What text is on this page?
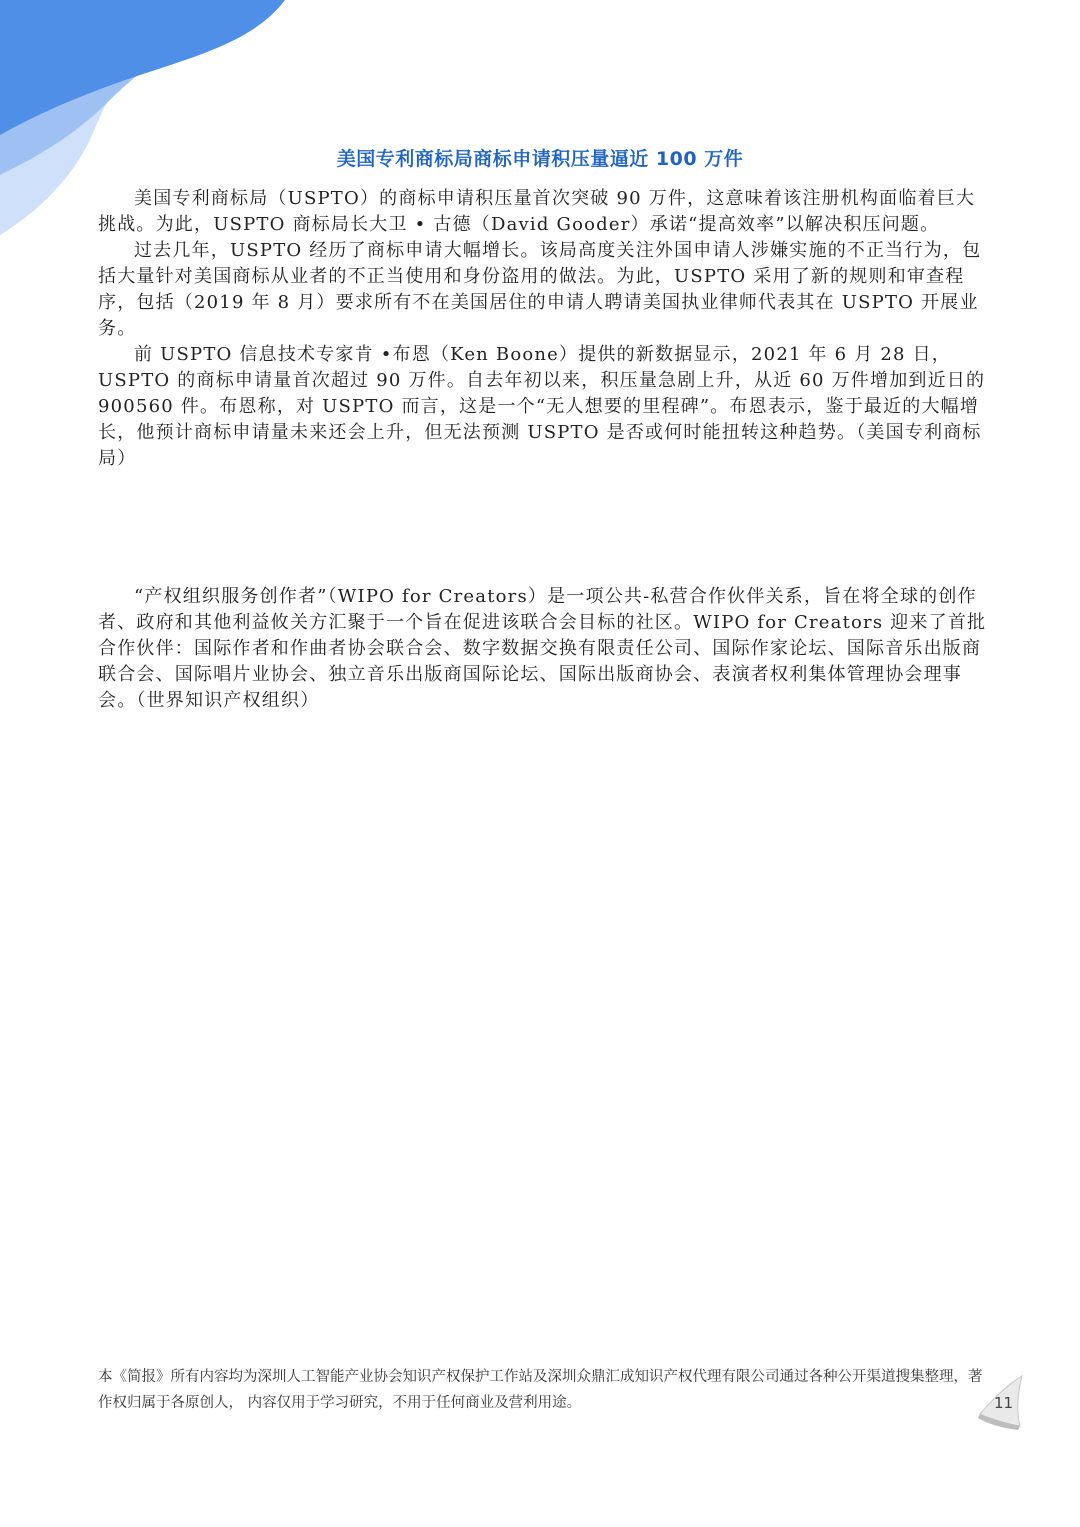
美国专利商标局商标申请积压量逼近 100 万件

美国专利商标局（USPTO）的商标申请积压量首次突破 90 万件，这意味着该注册机构面临着巨大挑战。为此，USPTO 商标局长大卫 • 古德（David Gooder）承诺“提高效率”以解决积压问题。

过去几年，USPTO 经历了商标申请大幅增长。该局高度关注外国申请人涉嫌实施的不正当行为，包括大量针对美国商标从业者的不正当使用和身份盗用的做法。为此，USPTO 采用了新的规则和审查程序，包括（2019 年 8 月）要求所有不在美国居住的申请人聘请美国执业律师代表其在 USPTO 开展业务。

前 USPTO 信息技术专家肯 •布恩（Ken Boone）提供的新数据显示，2021 年 6 月 28 日，USPTO 的商标申请量首次超过 90 万件。自去年初以来，积压量急剧上升，从近 60 万件增加到近日的 900560 件。布恩称，对 USPTO 而言，这是一个“无人想要的里程碑”。布恩表示，鉴于最近的大幅增长，他预计商标申请量未来还会上升，但无法预测 USPTO 是否或何时能扭转这种趋势。（美国专利商标局）

“产权组织服务创作者”（WIPO for Creators）是一项公共-私营合作伙伴关系，旨在将全球的创作者、政府和其他利益攸关方汇聚于一个旨在促进该联合会目标的社区。WIPO for Creators 迎来了首批合作伙伴：国际作者和作曲者协会联合会、数字数据交换有限责任公司、国际作家论坛、国际音乐出版商联合会、国际唱片业协会、独立音乐出版商国际论坛、国际出版商协会、表演者权利集体管理协会理事会。（世界知识产权组织）

本《简报》所有内容均为深圳人工智能产业协会知识产权保护工作站及深圳众鼎汇成知识产权代理有限公司通过各种公开渠道搜集整理，著作权归属于各原创人， 内容仅用于学习研究，不用于任何商业及营利用途。	11
